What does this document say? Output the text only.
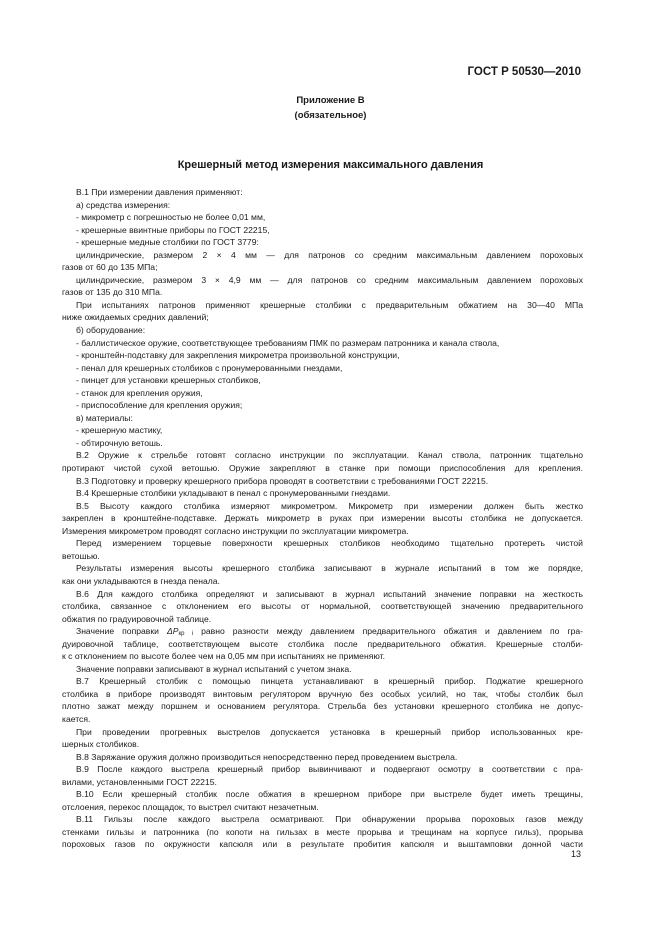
ГОСТ Р 50530—2010
Приложение В
(обязательное)
Крешерный метод измерения максимального давления
В.1 При измерении давления применяют:
а) средства измерения:
- микрометр с погрешностью не более 0,01 мм,
- крешерные ввинтные приборы по ГОСТ 22215,
- крешерные медные столбики по ГОСТ 3779:
цилиндрические, размером 2 × 4 мм — для патронов со средним максимальным давлением пороховых
газов от 60 до 135 МПа;
цилиндрические, размером 3 × 4,9 мм — для патронов со средним максимальным давлением пороховых
газов от 135 до 310 МПа.
При испытаниях патронов применяют крешерные столбики с предварительным обжатием на 30—40 МПа
ниже ожидаемых средних давлений;
б) оборудование:
- баллистическое оружие, соответствующее требованиям ПМК по размерам патронника и канала ствола,
- кронштейн-подставку для закрепления микрометра произвольной конструкции,
- пенал для крешерных столбиков с пронумерованными гнездами,
- пинцет для установки крешерных столбиков,
- станок для крепления оружия,
- приспособление для крепления оружия;
в) материалы:
- крешерную мастику,
- обтирочную ветошь.
В.2 Оружие к стрельбе готовят согласно инструкции по эксплуатации. Канал ствола, патронник тщательно
протирают чистой сухой ветошью. Оружие закрепляют в станке при помощи приспособления для крепления.
В.3 Подготовку и проверку крешерного прибора проводят в соответствии с требованиями ГОСТ 22215.
В.4 Крешерные столбики укладывают в пенал с пронумерованными гнездами.
В.5 Высоту каждого столбика измеряют микрометром. Микрометр при измерении должен быть жестко
закреплен в кронштейне-подставке. Держать микрометр в руках при измерении высоты столбика не допускается.
Измерения микрометром проводят согласно инструкции по эксплуатации микрометра.
Перед измерением торцевые поверхности крешерных столбиков необходимо тщательно протереть чистой
ветошью.
Результаты измерения высоты крешерного столбика записывают в журнале испытаний в том же порядке,
как они укладываются в гнезда пенала.
В.6 Для каждого столбика определяют и записывают в журнал испытаний значение поправки на жесткость
столбика, связанное с отклонением его высоты от нормальной, соответствующей значению предварительного
обжатия по градуировочной таблице.
Значение поправки ΔPкр i равно разности между давлением предварительного обжатия и давлением по гра-
дуировочной таблице, соответствующем высоте столбика после предварительного обжатия. Крешерные столби-
к с отклонением по высоте более чем на 0,05 мм при испытаниях не применяют.
Значение поправки записывают в журнал испытаний с учетом знака.
В.7 Крешерный столбик с помощью пинцета устанавливают в крешерный прибор. Поджатие крешерного
столбика в приборе производят винтовым регулятором вручную без особых усилий, но так, чтобы столбик был
плотно зажат между поршнем и основанием регулятора. Стрельба без установки крешерного столбика не допус-
кается.
При проведении прогревных выстрелов допускается установка в крешерный прибор использованных кре-
шерных столбиков.
В.8 Заряжание оружия должно производиться непосредственно перед проведением выстрела.
В.9 После каждого выстрела крешерный прибор вывинчивают и подвергают осмотру в соответствии с пра-
вилами, установленными ГОСТ 22215.
В.10 Если крешерный столбик после обжатия в крешерном приборе при выстреле будет иметь трещины,
отслоения, перекос площадок, то выстрел считают незачетным.
В.11 Гильзы после каждого выстрела осматривают. При обнаружении прорыва пороховых газов между
стенками гильзы и патронника (по копоти на гильзах в месте прорыва и трещинам на корпусе гильз), прорыва
пороховых газов по окружности капсюля или в результате пробития капсюля и выштамповки донной части
13
